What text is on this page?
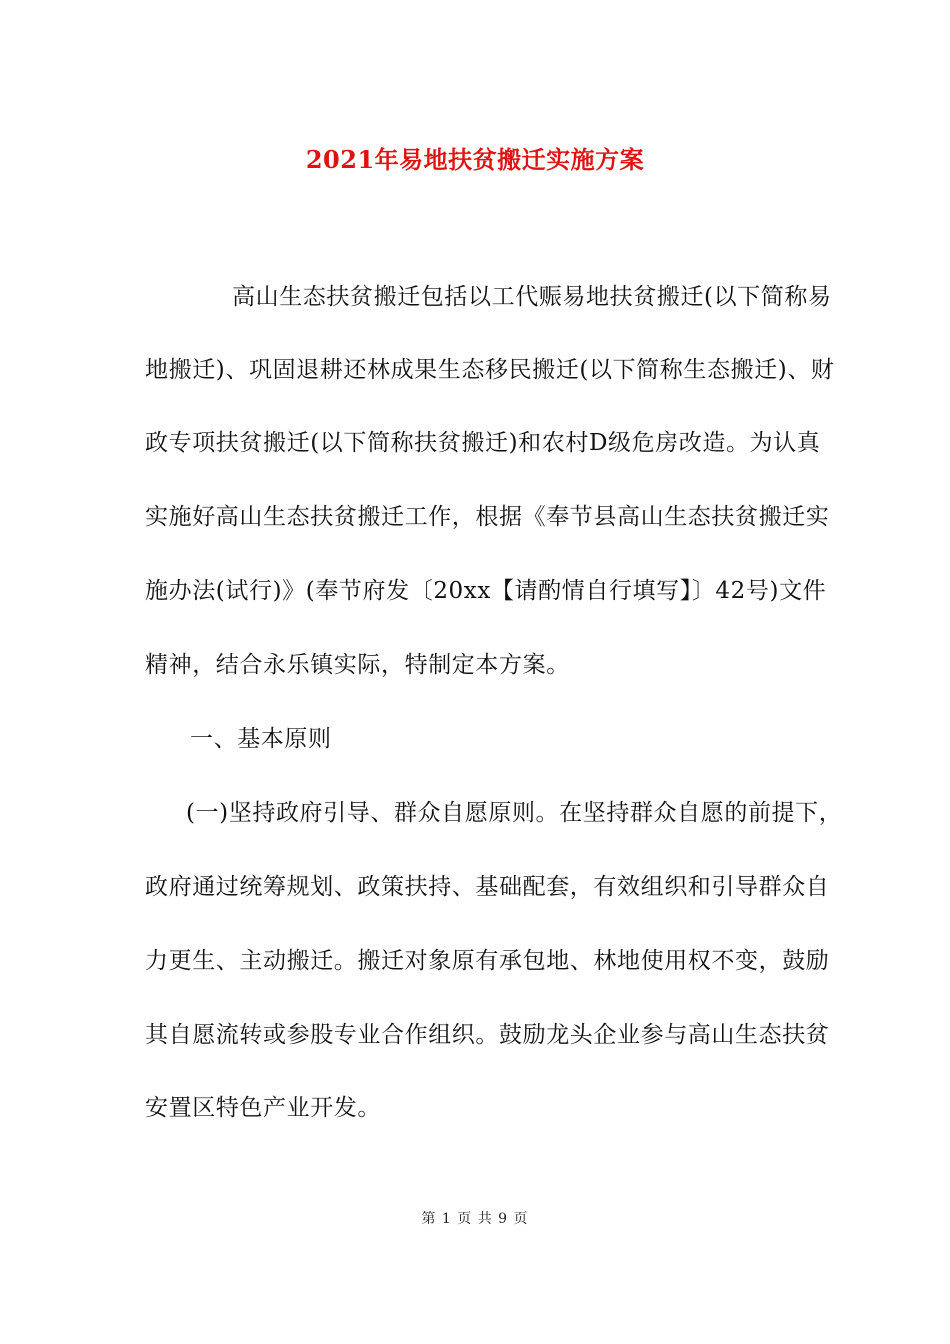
2021年易地扶贫搬迁实施方案
高山生态扶贫搬迁包括以工代赈易地扶贫搬迁(以下简称易
地搬迁)、巩固退耕还林成果生态移民搬迁(以下简称生态搬迁)、财
政专项扶贫搬迁(以下简称扶贫搬迁)和农村D级危房改造。为认真
实施好高山生态扶贫搬迁工作，根据《奉节县高山生态扶贫搬迁实
施办法(试行)》(奉节府发〔20xx【请酌情自行填写】〕42号)文件
精神，结合永乐镇实际，特制定本方案。
一、基本原则
(一)坚持政府引导、群众自愿原则。在坚持群众自愿的前提下，
政府通过统筹规划、政策扶持、基础配套，有效组织和引导群众自
力更生、主动搬迁。搬迁对象原有承包地、林地使用权不变，鼓励
其自愿流转或参股专业合作组织。鼓励龙头企业参与高山生态扶贫
安置区特色产业开发。
第 1 页 共 9 页
